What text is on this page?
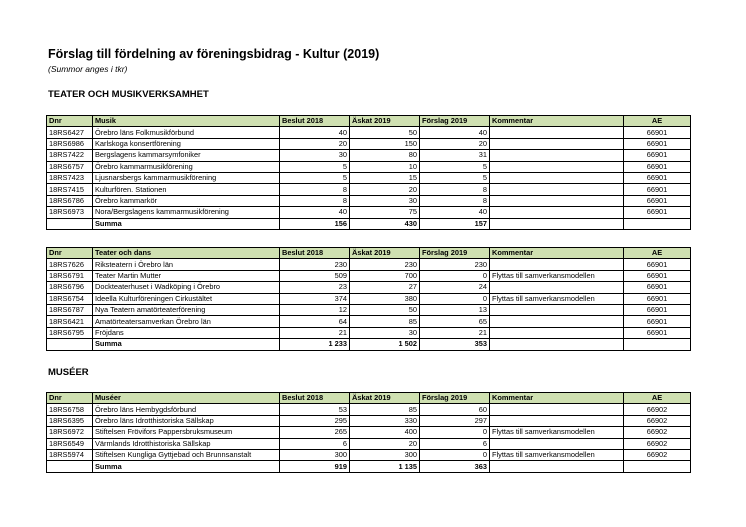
Förslag till fördelning av föreningsbidrag - Kultur (2019)
(Summor anges i tkr)
TEATER OCH MUSIKVERKSAMHET
Dnr	Musik	Beslut 2018	Äskat 2019	Förslag 2019	Kommentar	AE
18RS6427	Örebro läns Folkmusikförbund	40	50	40		66901
18RS6986	Karlskoga konsertförening	20	150	20		66901
18RS7422	Bergslagens kammarsymfoniker	30	80	31		66901
18RS6757	Örebro kammarmusikförening	5	10	5		66901
18RS7423	Ljusnarsbergs kammarmusikförening	5	15	5		66901
18RS7415	Kulturfören. Stationen	8	20	8		66901
18RS6786	Örebro kammarkör	8	30	8		66901
18RS6973	Nora/Bergslagens kammarmusikförening	40	75	40		66901
	Summa	156	430	157		
Dnr	Teater och dans	Beslut 2018	Äskat 2019	Förslag 2019	Kommentar	AE
18RS7626	Riksteatern i Örebro län	230	230	230		66901
18RS6791	Teater Martin Mutter	509	700	0	Flyttas till samverkansmodellen	66901
18RS6796	Dockteaterhuset i Wadköping i Örebro	23	27	24		66901
18RS6754	Ideella Kulturföreningen Cirkustältet	374	380	0	Flyttas till samverkansmodellen	66901
18RS6787	Nya Teatern amatörteaterförening	12	50	13		66901
18RS6421	Amatörteatersamverkan Örebro län	64	85	65		66901
18RS6795	Fröjdans	21	30	21		66901
	Summa	1 233	1 502	353		
MUSÉER
Dnr	Muséer	Beslut 2018	Äskat 2019	Förslag 2019	Kommentar	AE
18RS6758	Örebro läns Hembygdsförbund	53	85	60		66902
18RS6395	Örebro läns Idrotthistoriska Sällskap	295	330	297		66902
18RS6972	Stiftelsen Frövifors Pappersbruksmuseum	265	400	0	Flyttas till samverkansmodellen	66902
18RS6549	Värmlands Idrotthistoriska Sällskap	6	20	6		66902
18RS5974	Stiftelsen Kungliga Gyttjebad och Brunnsanstalt	300	300	0	Flyttas till samverkansmodellen	66902
	Summa	919	1 135	363		
